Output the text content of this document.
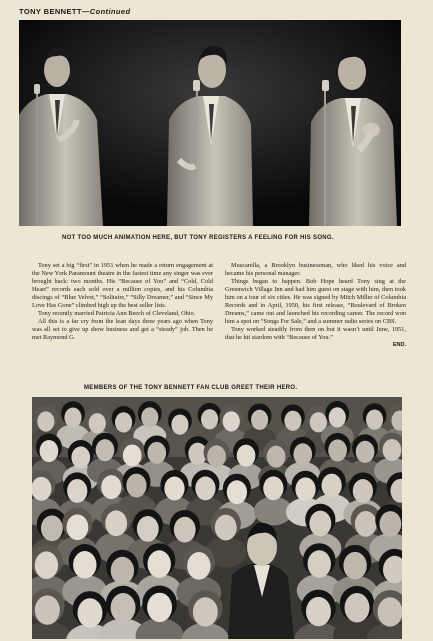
TONY BENNETT—Continued
NOT TOO MUCH ANIMATION HERE, BUT TONY REGISTERS A FEELING FOR HIS SONG.

Tony set a big “first” in 1951 when he made a return engagement at the New York Paramount theatre in the fastest time any singer was ever brought back: two months. His “Because of You” and “Cold, Cold Heart” records each sold over a million copies, and his Columbia discings of “Blue Velvet,” “Solitaire,” “Silly Dreamer,” and “Since My Love Has Gone” climbed high up the best seller lists.

Tony recently married Patricia Ann Beech of Cleveland, Ohio.

All this is a far cry from the lean days three years ago when Tony was all set to give up show business and get a “steady” job. Then he met Raymond G.

Muscarella, a Brooklyn businessman, who liked his voice and became his personal manager.

Things began to happen. Bob Hope heard Tony sing at the Greenwich Village Inn and had him guest on stage with him, then took him on a tour of six cities. He was signed by Mitch Miller of Columbia Records and in April, 1950, his first release, “Boulevard of Broken Dreams,” came out and launched his recording career. The record won him a spot on “Songs For Sale,” and a summer radio series on CBS.

Tony worked steadily from then on but it wasn’t until June, 1951, that he hit stardom with “Because of You.”

END.
MEMBERS OF THE TONY BENNETT FAN CLUB GREET THEIR HERO.
